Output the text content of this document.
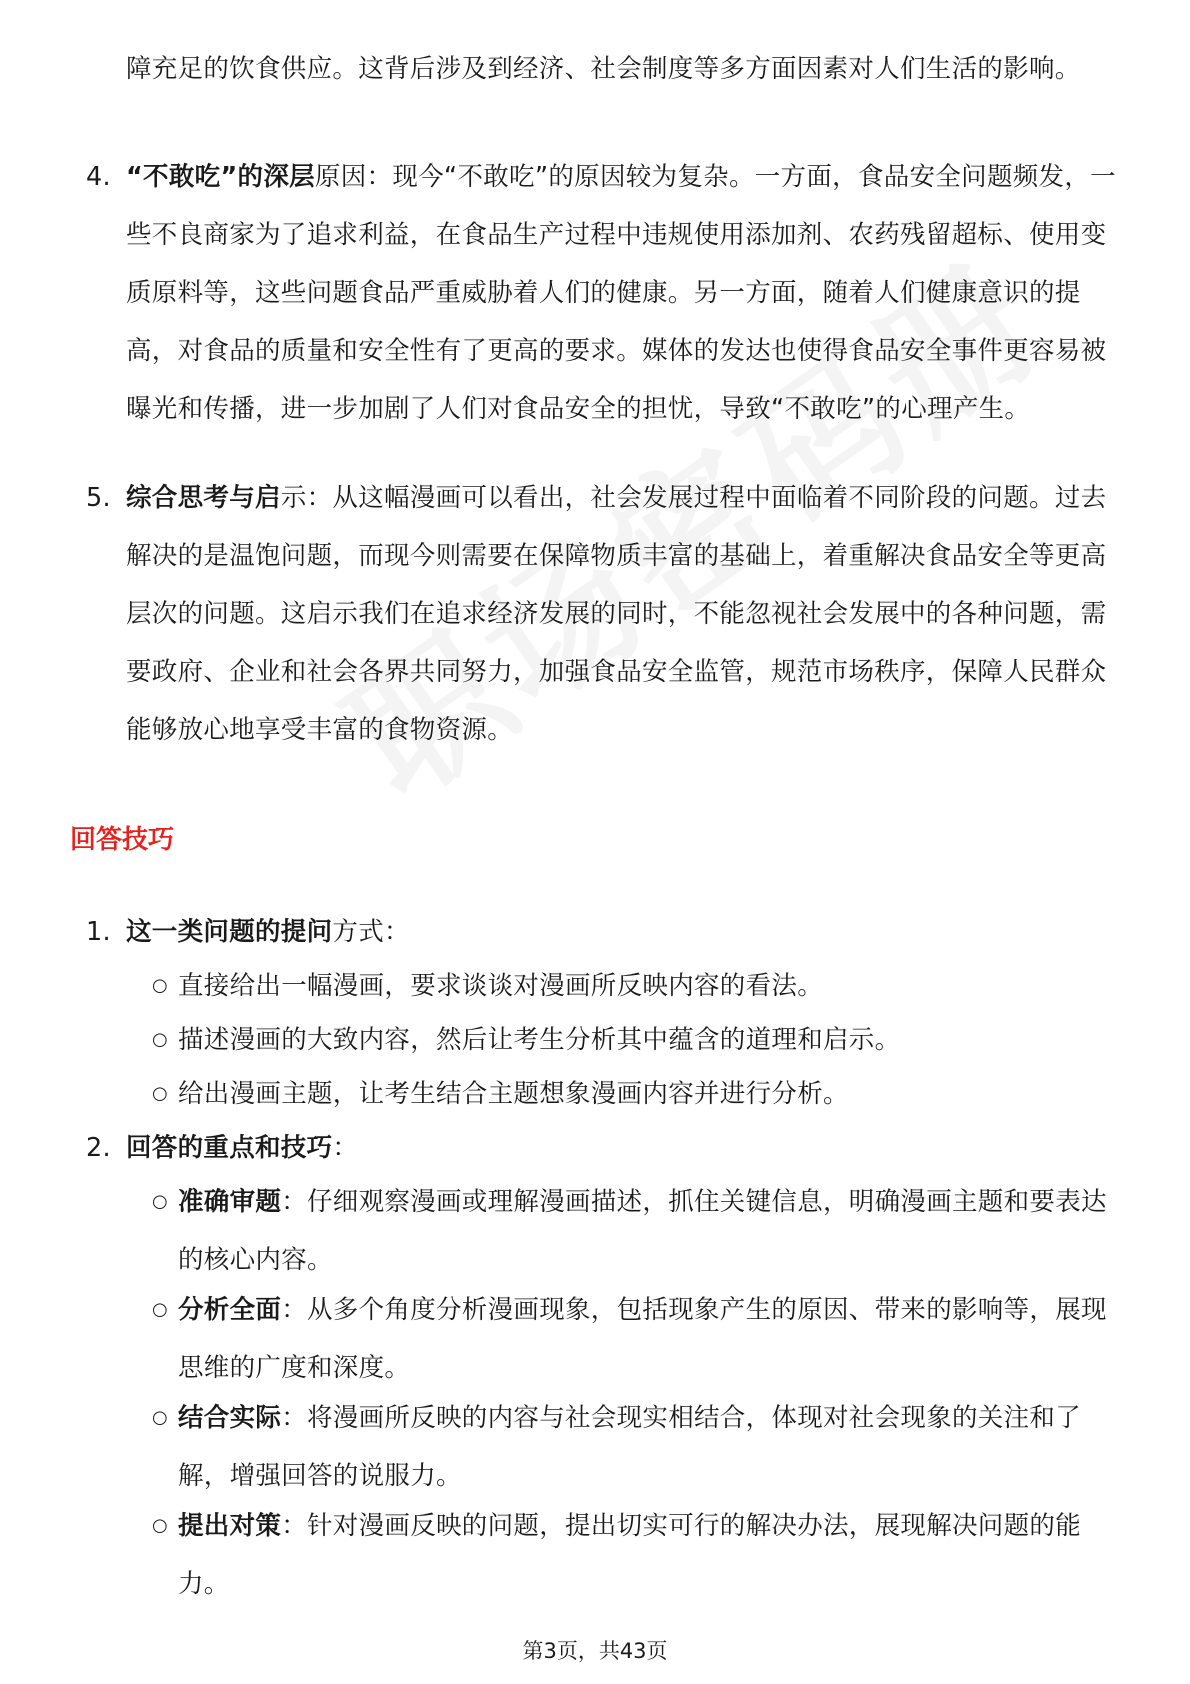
障充足的饮食供应。这背后涉及到经济、社会制度等多方面因素对人们生活的影响。
4. “不敢吃”的深层原因：现今“不敢吃”的原因较为复杂。一方面，食品安全问题频发，一些不良商家为了追求利益，在食品生产过程中违规使用添加剂、农药残留超标、使用变质原料等，这些问题食品严重威胁着人们的健康。另一方面，随着人们健康意识的提高，对食品的质量和安全性有了更高的要求。媒体的发达也使得食品安全事件更容易被曝光和传播，进一步加剧了人们对食品安全的担忧，导致“不敢吃”的心理产生。
5. 综合思考与启示：从这幅漫画可以看出，社会发展过程中面临着不同阶段的问题。过去解决的是温饱问题，而现今则需要在保障物质丰富的基础上，着重解决食品安全等更高层次的问题。这启示我们在追求经济发展的同时，不能忽视社会发展中的各种问题，需要政府、企业和社会各界共同努力，加强食品安全监管，规范市场秩序，保障人民群众能够放心地享受丰富的食物资源。
回答技巧
1. 这一类问题的提问方式：
○ 直接给出一幅漫画，要求谈谈对漫画所反映内容的看法。
○ 描述漫画的大致内容，然后让考生分析其中蕴含的道理和启示。
○ 给出漫画主题，让考生结合主题想象漫画内容并进行分析。
2. 回答的重点和技巧：
○ 准确审题：仔细观察漫画或理解漫画描述，抓住关键信息，明确漫画主题和要表达的核心内容。
○ 分析全面：从多个角度分析漫画现象，包括现象产生的原因、带来的影响等，展现思维的广度和深度。
○ 结合实际：将漫画所反映的内容与社会现实相结合，体现对社会现象的关注和了解，增强回答的说服力。
○ 提出对策：针对漫画反映的问题，提出切实可行的解决办法，展现解决问题的能力。
第3页，共43页
